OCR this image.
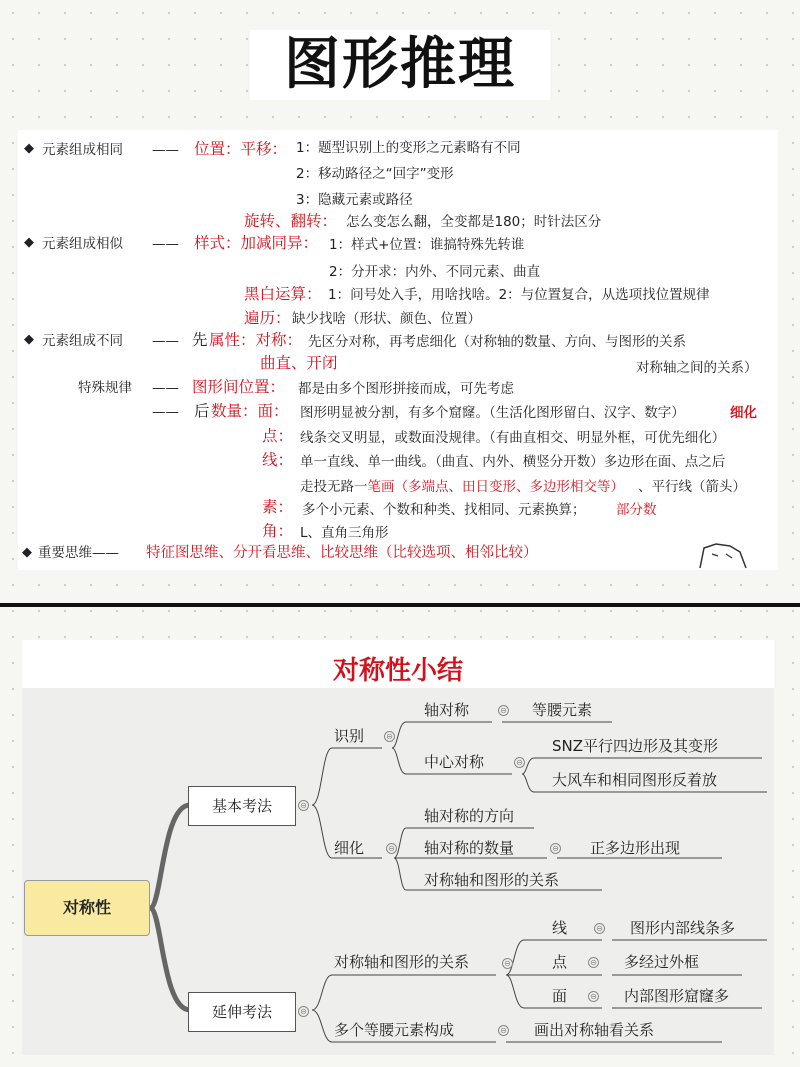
图形推理
◆ 元素组成相同 —— 位置：平移： 1：题型识别上的变形之元素略有不同
2：移动路径之“回字”变形
3：隐藏元素或路径
旋转、翻转： 怎么变怎么翻，全变都是180；时针法区分
◆ 元素组成相似 —— 样式：加减同异： 1：样式+位置：谁搞特殊先转谁
2：分开求：内外、不同元素、曲直
黑白运算： 1：问号处入手，用啥找啥。2：与位置复合，从选项找位置规律
遍历： 缺少找啥（形状、颜色、位置）
◆ 元素组成不同 —— 先 属性：对称： 先区分对称，再考虑细化（对称轴的数量、方向、与图形的关系
曲直、开闭	对称轴之间的关系）
特殊规律 —— 图形间位置： 都是由多个图形拼接而成，可先考虑
—— 后 数量：面： 图形明显被分割，有多个窟窿。（生活化图形留白、汉字、数字）	细化
点： 线条交叉明显，或数面没规律。（有曲直相交、明显外框，可优先细化）
线： 单一直线、单一曲线。（曲直、内外、横竖分开数）多边形在面、点之后
走投无路 一笔画（多端点、田日变形、多边形相交等） 、平行线（箭头）
素： 多个小元素、个数和种类、找相同、元素换算； 部分数
角： L、直角三角形
◆ 重要思维—— 特征图思维、分开看思维、比较思维（比较选项、相邻比较）
对称性小结
对称性
基本考法	⊖
延伸考法	⊖
识别	⊖
轴对称	⊖ 等腰元素
中心对称	⊖
SNZ平行四边形及其变形
大风车和相同图形反着放
细化	⊖
轴对称的方向
轴对称的数量	⊖ 正多边形出现
对称轴和图形的关系
对称轴和图形的关系	⊖
线	⊖ 图形内部线条多
点	⊖ 多经过外框
面	⊖ 内部图形窟窿多
多个等腰元素构成	⊖ 画出对称轴看关系
